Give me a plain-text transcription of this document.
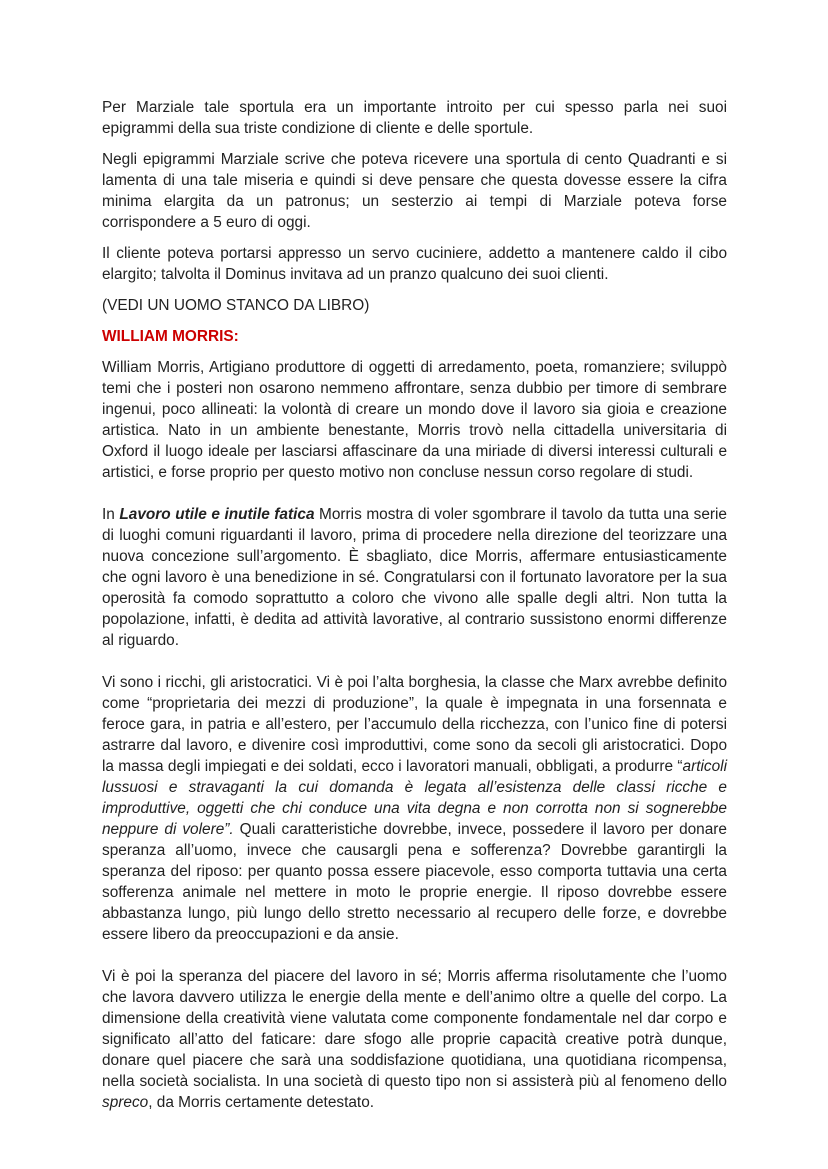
Per Marziale tale sportula era un importante introito per cui spesso parla nei suoi epigrammi della sua triste condizione di cliente e delle sportule.

Negli epigrammi Marziale scrive che poteva ricevere una sportula di cento Quadranti e si lamenta di una tale miseria e quindi si deve pensare che questa dovesse essere la cifra minima elargita da un patronus; un sesterzio ai tempi di Marziale poteva forse corrispondere a 5 euro di oggi.

Il cliente poteva portarsi appresso un servo cuciniere, addetto a mantenere caldo il cibo elargito; talvolta il Dominus invitava ad un pranzo qualcuno dei suoi clienti.

(VEDI UN UOMO STANCO DA LIBRO)

WILLIAM MORRIS:

William Morris, Artigiano produttore di oggetti di arredamento, poeta, romanziere; sviluppò temi che i posteri non osarono nemmeno affrontare, senza dubbio per timore di sembrare ingenui, poco allineati: la volontà di creare un mondo dove il lavoro sia gioia e creazione artistica. Nato in un ambiente benestante, Morris trovò nella cittadella universitaria di Oxford il luogo ideale per lasciarsi affascinare da una miriade di diversi interessi culturali e artistici, e forse proprio per questo motivo non concluse nessun corso regolare di studi.

In Lavoro utile e inutile fatica Morris mostra di voler sgombrare il tavolo da tutta una serie di luoghi comuni riguardanti il lavoro, prima di procedere nella direzione del teorizzare una nuova concezione sull’argomento. È sbagliato, dice Morris, affermare entusiasticamente che ogni lavoro è una benedizione in sé. Congratularsi con il fortunato lavoratore per la sua operosità fa comodo soprattutto a coloro che vivono alle spalle degli altri. Non tutta la popolazione, infatti, è dedita ad attività lavorative, al contrario sussistono enormi differenze al riguardo.

Vi sono i ricchi, gli aristocratici. Vi è poi l’alta borghesia, la classe che Marx avrebbe definito come “proprietaria dei mezzi di produzione”, la quale è impegnata in una forsennata e feroce gara, in patria e all’estero, per l’accumulo della ricchezza, con l’unico fine di potersi astrarre dal lavoro, e divenire così improduttivi, come sono da secoli gli aristocratici. Dopo la massa degli impiegati e dei soldati, ecco i lavoratori manuali, obbligati, a produrre “articoli lussuosi e stravaganti la cui domanda è legata all’esistenza delle classi ricche e improduttive, oggetti che chi conduce una vita degna e non corrotta non si sognerebbe neppure di volere”. Quali caratteristiche dovrebbe, invece, possedere il lavoro per donare speranza all’uomo, invece che causargli pena e sofferenza? Dovrebbe garantirgli la speranza del riposo: per quanto possa essere piacevole, esso comporta tuttavia una certa sofferenza animale nel mettere in moto le proprie energie. Il riposo dovrebbe essere abbastanza lungo, più lungo dello stretto necessario al recupero delle forze, e dovrebbe essere libero da preoccupazioni e da ansie.

Vi è poi la speranza del piacere del lavoro in sé; Morris afferma risolutamente che l’uomo che lavora davvero utilizza le energie della mente e dell’animo oltre a quelle del corpo. La dimensione della creatività viene valutata come componente fondamentale nel dar corpo e significato all’atto del faticare: dare sfogo alle proprie capacità creative potrà dunque, donare quel piacere che sarà una soddisfazione quotidiana, una quotidiana ricompensa, nella società socialista. In una società di questo tipo non si assisterà più al fenomeno dello spreco, da Morris certamente detestato.
